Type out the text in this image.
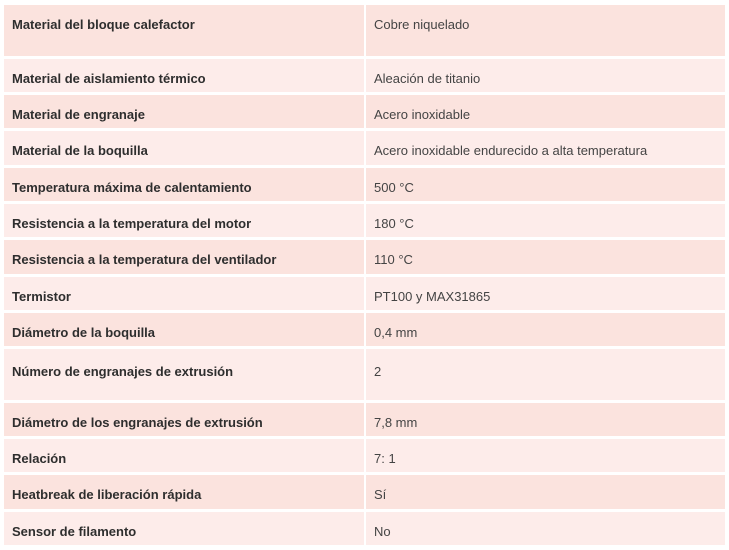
Material del bloque calefactor	Cobre niquelado
Material de aislamiento térmico	Aleación de titanio
Material de engranaje	Acero inoxidable
Material de la boquilla	Acero inoxidable endurecido a alta temperatura
Temperatura máxima de calentamiento	500 °C
Resistencia a la temperatura del motor	180 °C
Resistencia a la temperatura del ventilador	110 °C
Termistor	PT100 y MAX31865
Diámetro de la boquilla	0,4 mm
Número de engranajes de extrusión	2
Diámetro de los engranajes de extrusión	7,8 mm
Relación	7: 1
Heatbreak de liberación rápida	Sí
Sensor de filamento	No
